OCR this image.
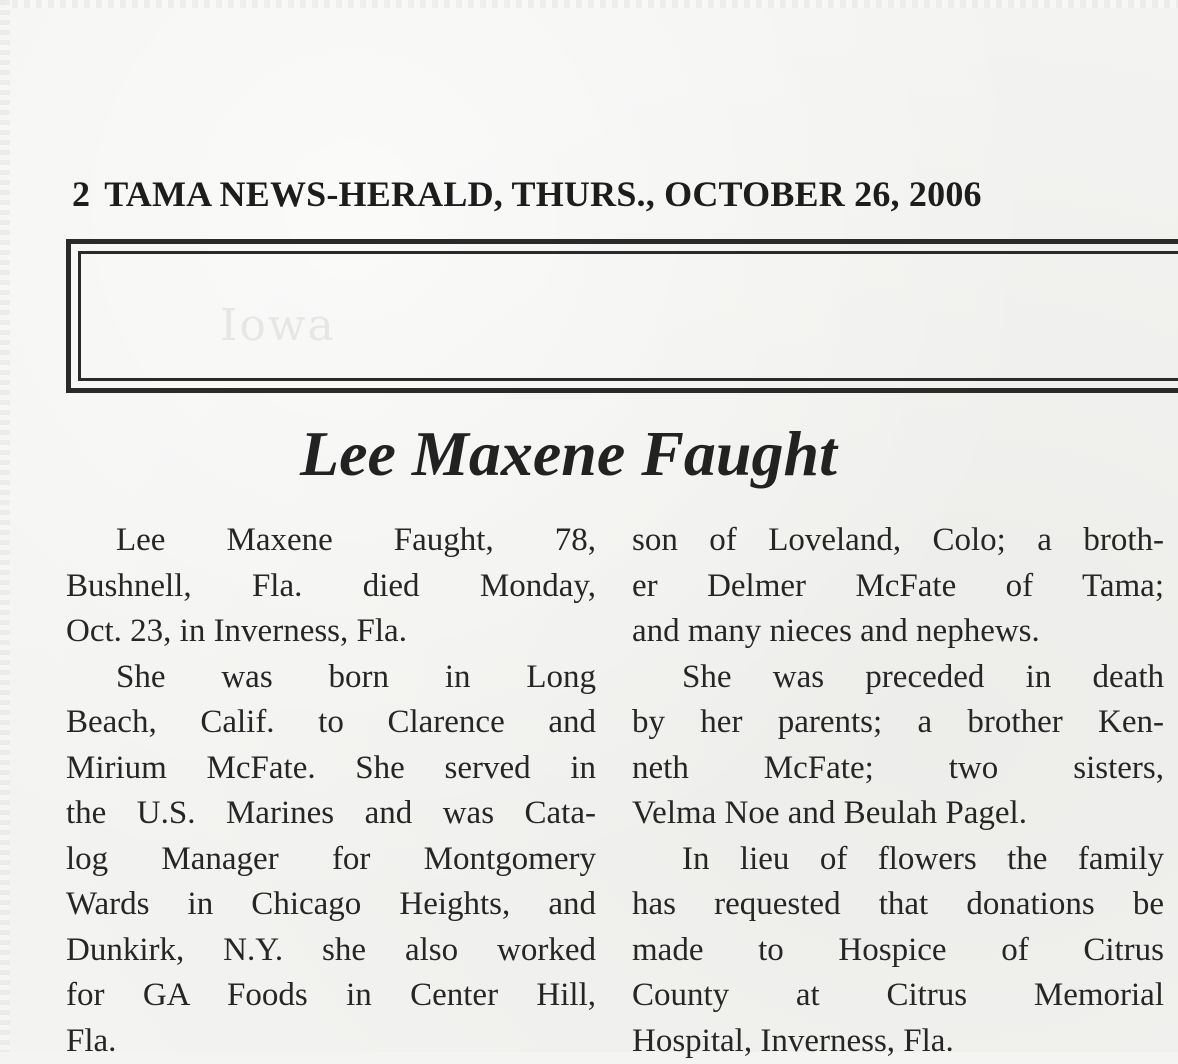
2 TAMA NEWS-HERALD, THURS., OCTOBER 26, 2006
Iowa
Lee Maxene Faught
Lee Maxene Faught, 78,
Bushnell, Fla. died Monday,
Oct. 23, in Inverness, Fla.
She was born in Long
Beach, Calif. to Clarence and
Mirium McFate. She served in
the U.S. Marines and was Cata-
log Manager for Montgomery
Wards in Chicago Heights, and
Dunkirk, N.Y. she also worked
for GA Foods in Center Hill,
Fla.
son of Loveland, Colo; a broth-
er Delmer McFate of Tama;
and many nieces and nephews.
She was preceded in death
by her parents; a brother Ken-
neth McFate; two sisters,
Velma Noe and Beulah Pagel.
In lieu of flowers the family
has requested that donations be
made to Hospice of Citrus
County at Citrus Memorial
Hospital, Inverness, Fla.
